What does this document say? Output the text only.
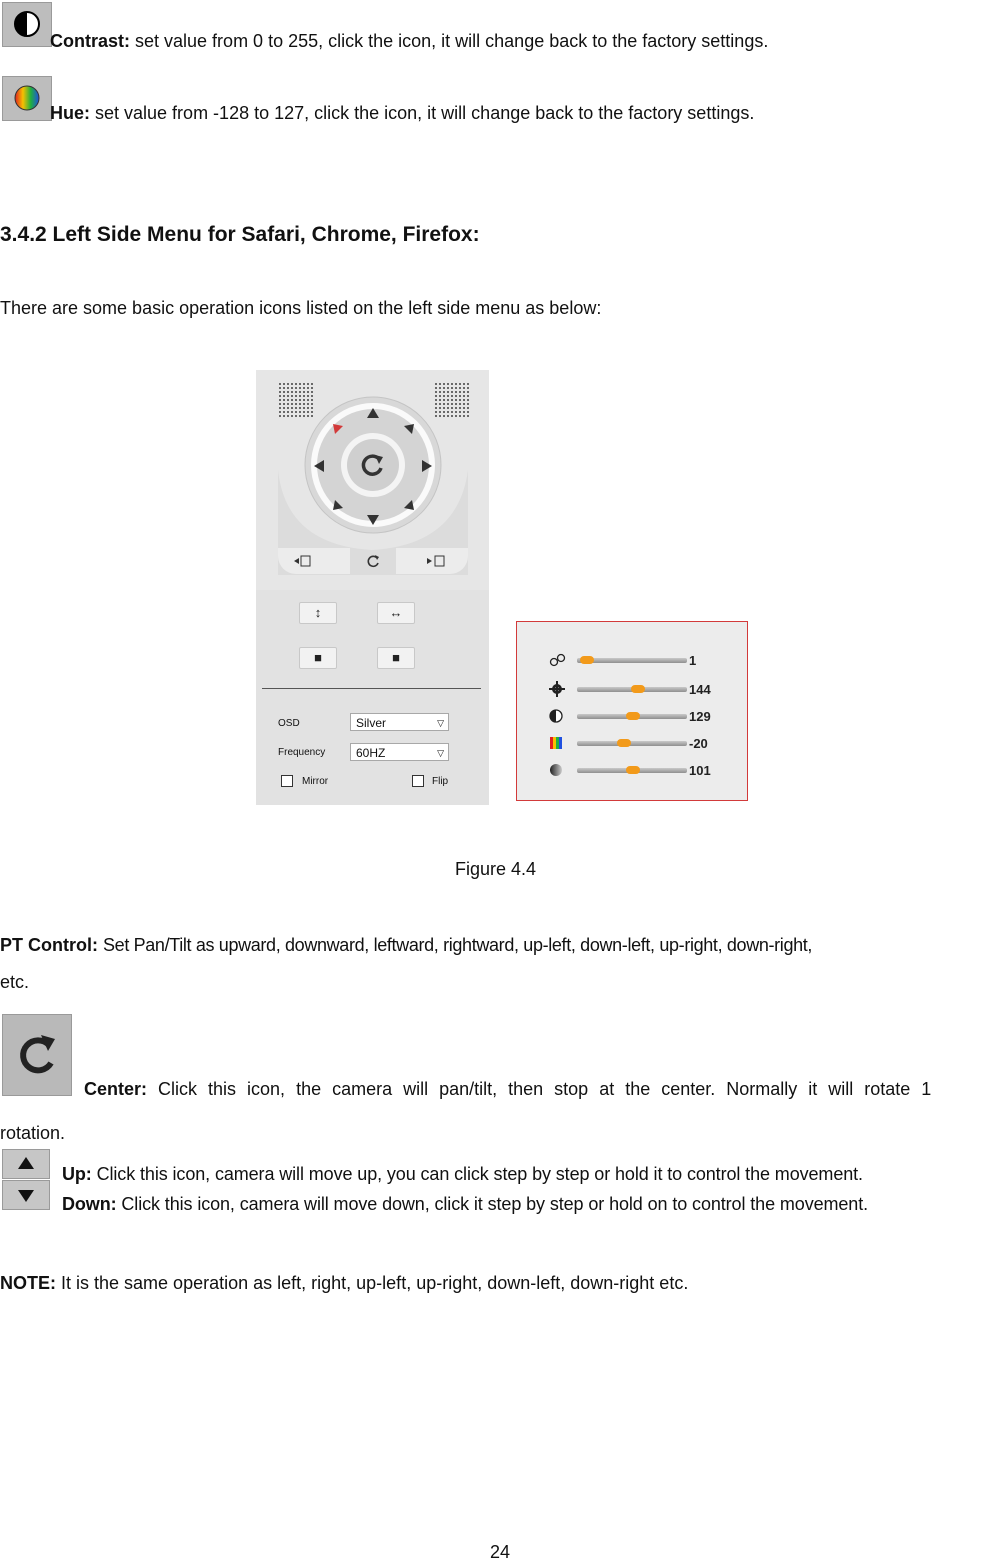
Contrast: set value from 0 to 255, click the icon, it will change back to the factory settings.
Hue: set value from -128 to 127, click the icon, it will change back to the factory settings.
3.4.2 Left Side Menu for Safari, Chrome, Firefox:
There are some basic operation icons listed on the left side menu as below:
↕	↔
■	■
OSD	Silver	▽
Frequency	60HZ	▽
Mirror	Flip
1
144
129
-20
101
Figure 4.4
PT Control: Set Pan/Tilt as upward, downward, leftward, rightward, up-left, down-left, up-right, down-right,
etc.
Center: Click this icon, the camera will pan/tilt, then stop at the center. Normally it will rotate 1
rotation.
Up: Click this icon, camera will move up, you can click step by step or hold it to control the movement.
Down: Click this icon, camera will move down, click it step by step or hold on to control the movement.
NOTE: It is the same operation as left, right, up-left, up-right, down-left, down-right etc.
24
